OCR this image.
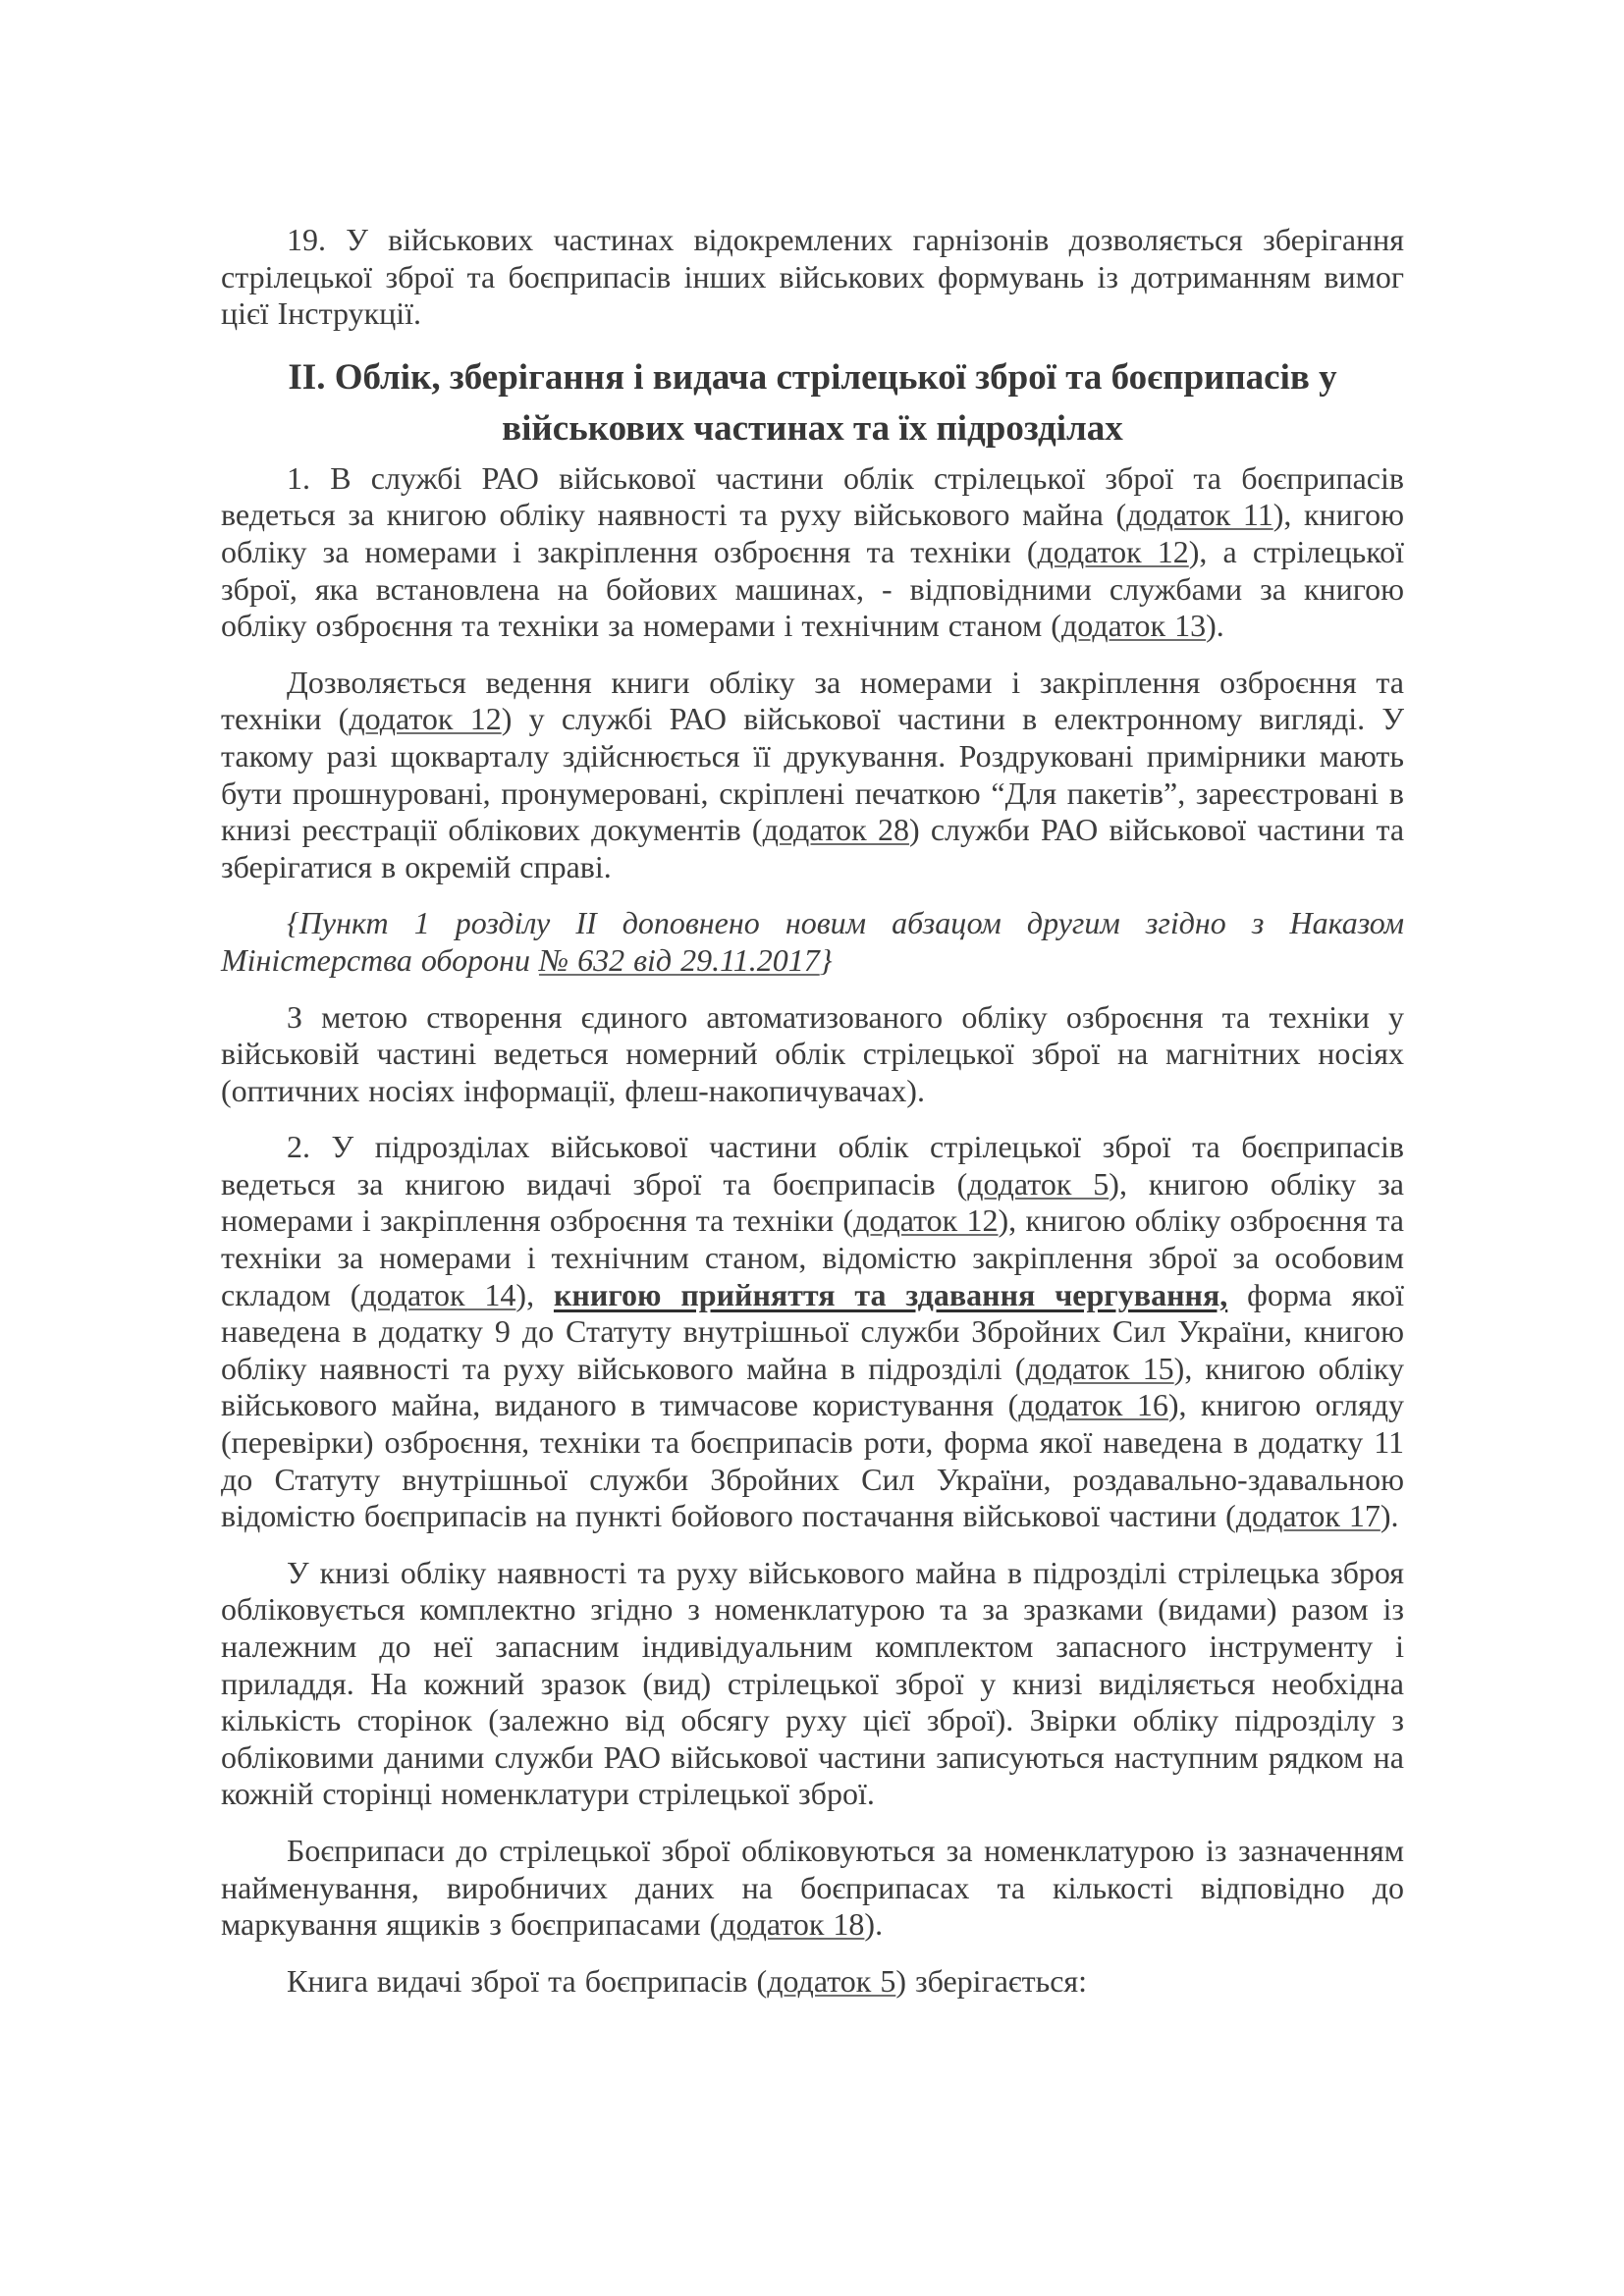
19. У військових частинах відокремлених гарнізонів дозволяється зберігання стрілецької зброї та боєприпасів інших військових формувань із дотриманням вимог цієї Інструкції.

II. Облік, зберігання і видача стрілецької зброї та боєприпасів у військових частинах та їх підрозділах

1. В службі РАО військової частини облік стрілецької зброї та боєприпасів ведеться за книгою обліку наявності та руху військового майна (додаток 11), книгою обліку за номерами і закріплення озброєння та техніки (додаток 12), а стрілецької зброї, яка встановлена на бойових машинах, - відповідними службами за книгою обліку озброєння та техніки за номерами і технічним станом (додаток 13).

Дозволяється ведення книги обліку за номерами і закріплення озброєння та техніки (додаток 12) у службі РАО військової частини в електронному вигляді. У такому разі щокварталу здійснюється її друкування. Роздруковані примірники мають бути прошнуровані, пронумеровані, скріплені печаткою “Для пакетів”, зареєстровані в книзі реєстрації облікових документів (додаток 28) служби РАО військової частини та зберігатися в окремій справі.

{Пункт 1 розділу II доповнено новим абзацом другим згідно з Наказом Міністерства оборони № 632 від 29.11.2017}

З метою створення єдиного автоматизованого обліку озброєння та техніки у військовій частині ведеться номерний облік стрілецької зброї на магнітних носіях (оптичних носіях інформації, флеш-накопичувачах).

2. У підрозділах військової частини облік стрілецької зброї та боєприпасів ведеться за книгою видачі зброї та боєприпасів (додаток 5), книгою обліку за номерами і закріплення озброєння та техніки (додаток 12), книгою обліку озброєння та техніки за номерами і технічним станом, відомістю закріплення зброї за особовим складом (додаток 14), книгою прийняття та здавання чергування, форма якої наведена в додатку 9 до Статуту внутрішньої служби Збройних Сил України, книгою обліку наявності та руху військового майна в підрозділі (додаток 15), книгою обліку військового майна, виданого в тимчасове користування (додаток 16), книгою огляду (перевірки) озброєння, техніки та боєприпасів роти, форма якої наведена в додатку 11 до Статуту внутрішньої служби Збройних Сил України, роздавально-здавальною відомістю боєприпасів на пункті бойового постачання військової частини (додаток 17).

У книзі обліку наявності та руху військового майна в підрозділі стрілецька зброя обліковується комплектно згідно з номенклатурою та за зразками (видами) разом із належним до неї запасним індивідуальним комплектом запасного інструменту і приладдя. На кожний зразок (вид) стрілецької зброї у книзі виділяється необхідна кількість сторінок (залежно від обсягу руху цієї зброї). Звірки обліку підрозділу з обліковими даними служби РАО військової частини записуються наступним рядком на кожній сторінці номенклатури стрілецької зброї.

Боєприпаси до стрілецької зброї обліковуються за номенклатурою із зазначенням найменування, виробничих даних на боєприпасах та кількості відповідно до маркування ящиків з боєприпасами (додаток 18).

Книга видачі зброї та боєприпасів (додаток 5) зберігається:
